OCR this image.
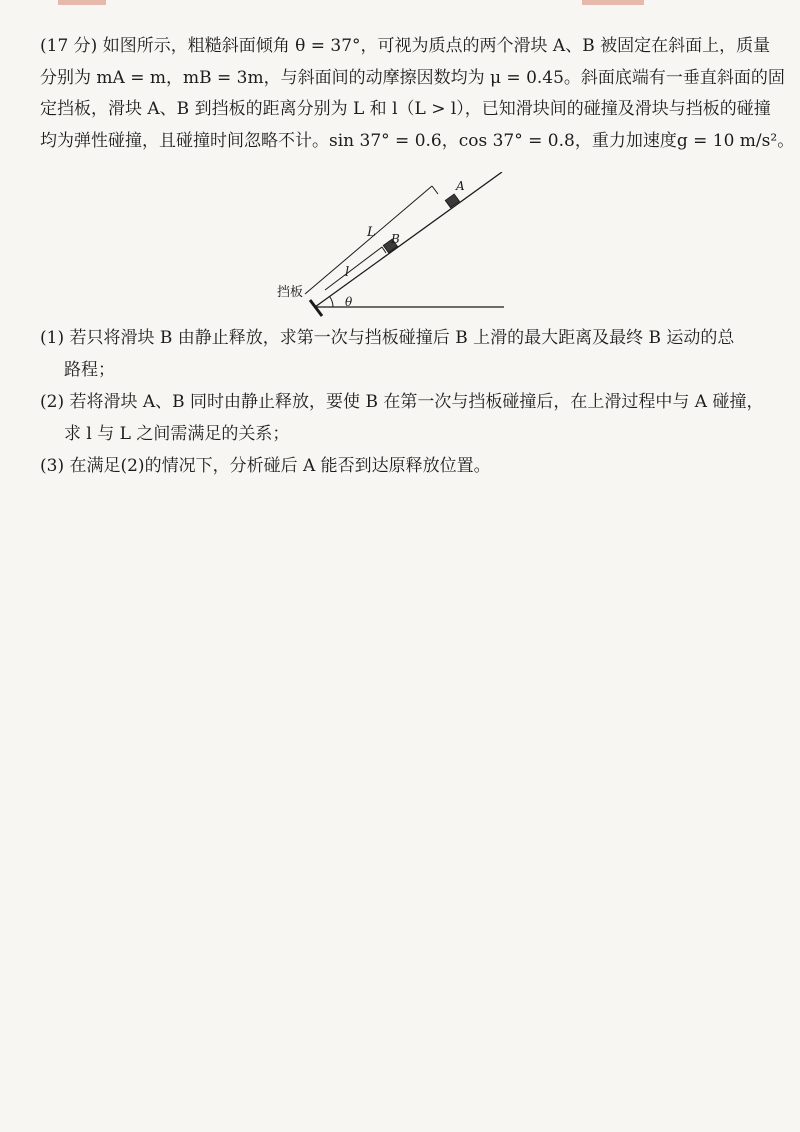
(17 分) 如图所示，粗糙斜面倾角 θ = 37°，可视为质点的两个滑块 A、B 被固定在斜面上，质量
分别为 mA = m，mB = 3m，与斜面间的动摩擦因数均为 μ = 0.45。斜面底端有一垂直斜面的固
定挡板，滑块 A、B 到挡板的距离分别为 L 和 l（L > l），已知滑块间的碰撞及滑块与挡板的碰撞
均为弹性碰撞，且碰撞时间忽略不计。sin 37° = 0.6，cos 37° = 0.8，重力加速度g = 10 m/s²。
θ
A
B
L
l
挡板
(1) 若只将滑块 B 由静止释放，求第一次与挡板碰撞后 B 上滑的最大距离及最终 B 运动的总
路程；
(2) 若将滑块 A、B 同时由静止释放，要使 B 在第一次与挡板碰撞后，在上滑过程中与 A 碰撞，
求 l 与 L 之间需满足的关系；
(3) 在满足(2)的情况下，分析碰后 A 能否到达原释放位置。
